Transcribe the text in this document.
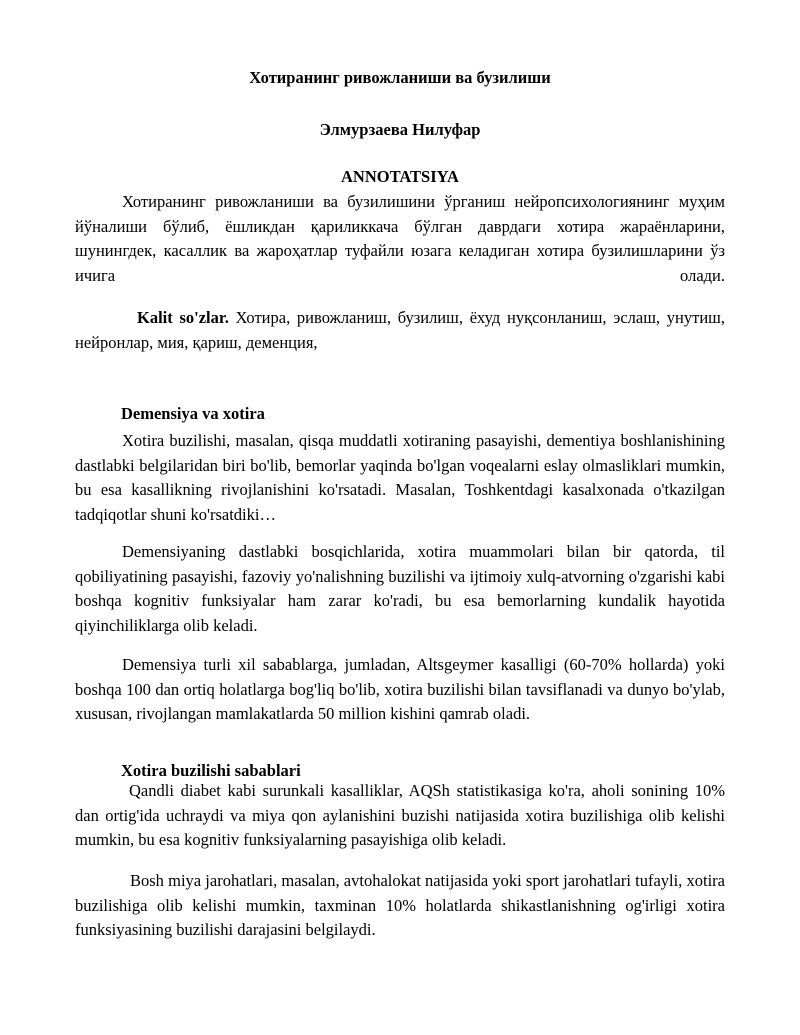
Хотиранинг ривожланиши ва бузилиши
Элмурзаева Нилуфар
ANNOTATSIYA

Хотиранинг ривожланиши ва бузилишини ўрганиш нейропсихологиянинг муҳим йўналиши бўлиб, ёшликдан қариликкача бўлган даврдаги хотира жараёнларини, шунингдек, касаллик ва жароҳатлар туфайли юзага келадиган хотира бузилишларини ўз ичига олади.

Kalit so'zlar. Хотира, ривожланиш, бузилиш, ёхуд нуқсонланиш, эслаш, унутиш, нейронлар, мия, қариш, деменция,

Demensiya va xotira

Xotira buzilishi, masalan, qisqa muddatli xotiraning pasayishi, dementiya boshlanishining dastlabki belgilaridan biri bo'lib, bemorlar yaqinda bo'lgan voqealarni eslay olmasliklari mumkin, bu esa kasallikning rivojlanishini ko'rsatadi. Masalan, Toshkentdagi kasalxonada o'tkazilgan tadqiqotlar shuni ko'rsatdiki…

Demensiyaning dastlabki bosqichlarida, xotira muammolari bilan bir qatorda, til qobiliyatining pasayishi, fazoviy yo'nalishning buzilishi va ijtimoiy xulq-atvorning o'zgarishi kabi boshqa kognitiv funksiyalar ham zarar ko'radi, bu esa bemorlarning kundalik hayotida qiyinchiliklarga olib keladi.

Demensiya turli xil sabablarga, jumladan, Altsgeymer kasalligi (60-70% hollarda) yoki boshqa 100 dan ortiq holatlarga bog'liq bo'lib, xotira buzilishi bilan tavsiflanadi va dunyo bo'ylab, xususan, rivojlangan mamlakatlarda 50 million kishini qamrab oladi.

Xotira buzilishi sabablari

Qandli diabet kabi surunkali kasalliklar, AQSh statistikasiga ko'ra, aholi sonining 10% dan ortig'ida uchraydi va miya qon aylanishini buzishi natijasida xotira buzilishiga olib kelishi mumkin, bu esa kognitiv funksiyalarning pasayishiga olib keladi.

Bosh miya jarohatlari, masalan, avtohalokat natijasida yoki sport jarohatlari tufayli, xotira buzilishiga olib kelishi mumkin, taxminan 10% holatlarda shikastlanishning og'irligi xotira funksiyasining buzilishi darajasini belgilaydi.
